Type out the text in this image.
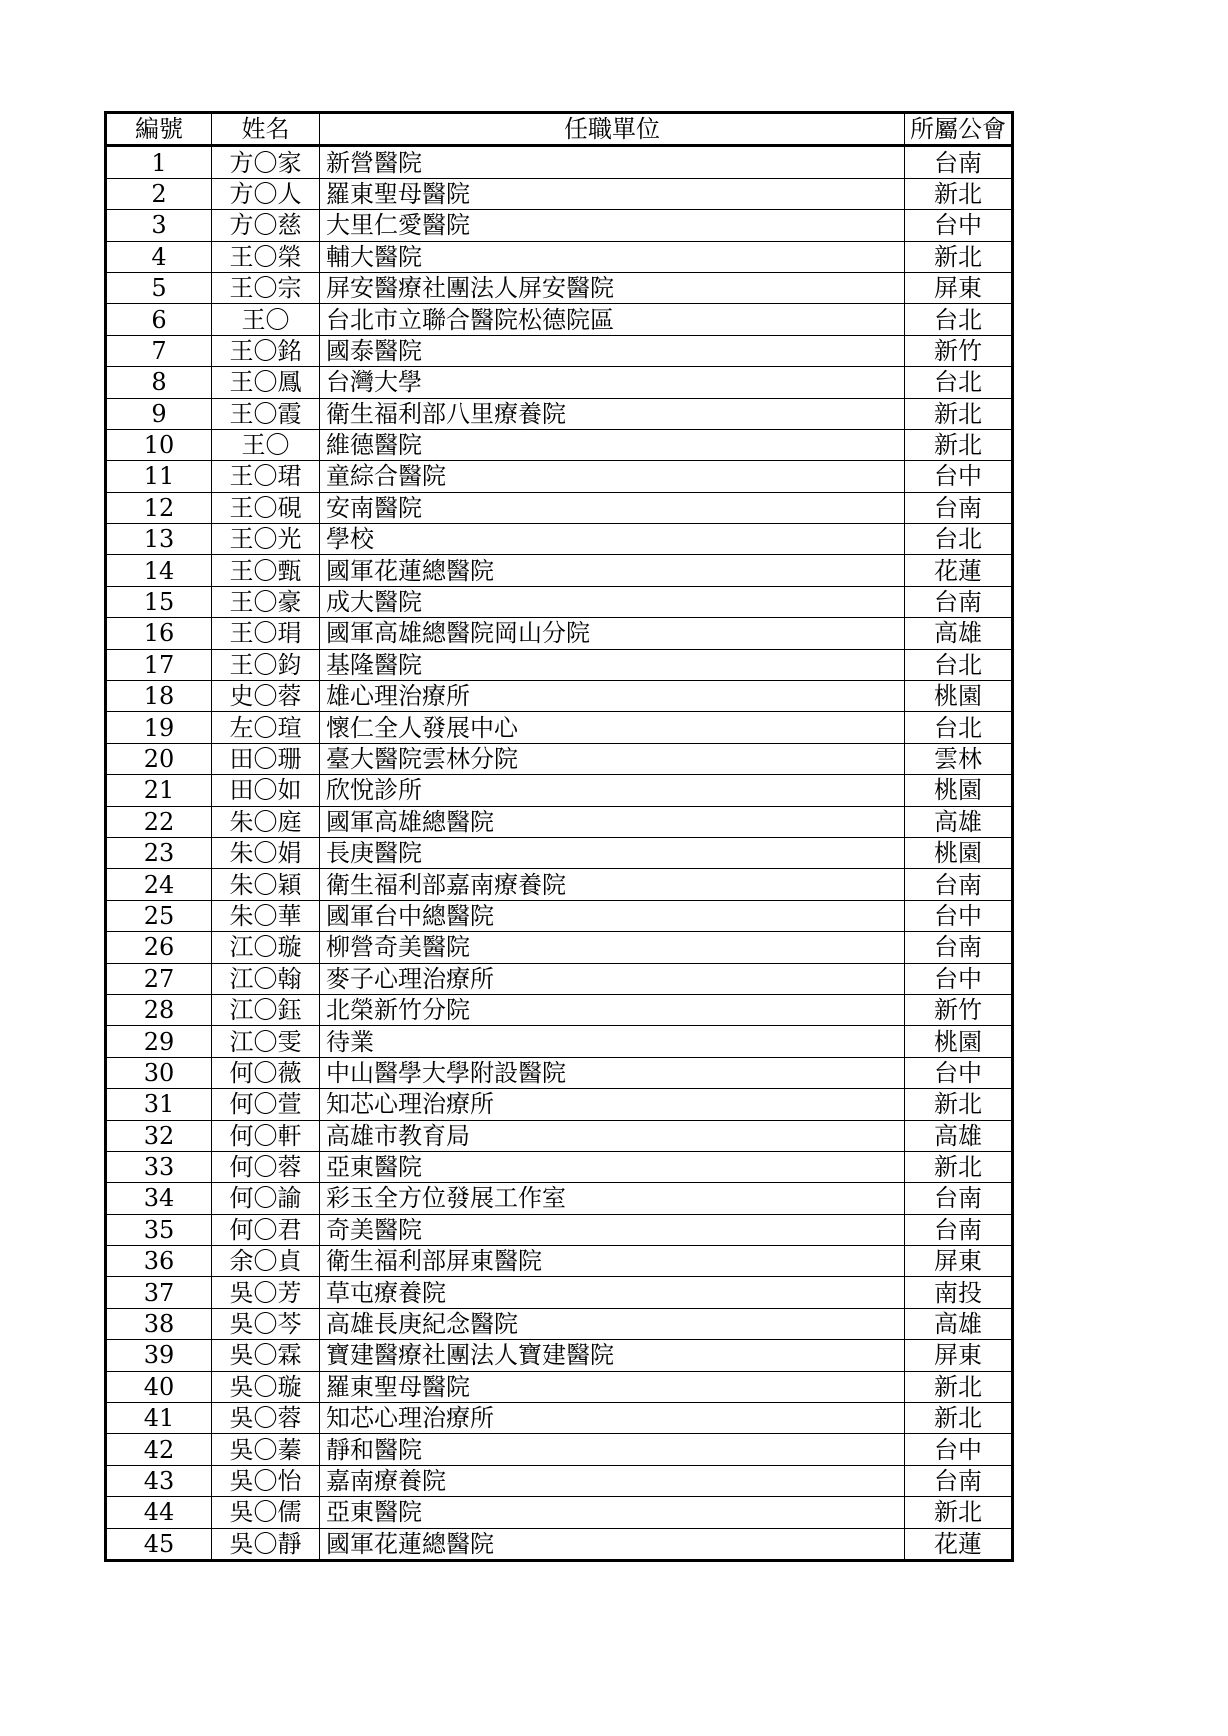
編號	姓名	任職單位	所屬公會
1	方〇家	新營醫院	台南
2	方〇人	羅東聖母醫院	新北
3	方〇慈	大里仁愛醫院	台中
4	王〇榮	輔大醫院	新北
5	王〇宗	屏安醫療社團法人屏安醫院	屏東
6	王〇	台北市立聯合醫院松德院區	台北
7	王〇銘	國泰醫院	新竹
8	王〇鳳	台灣大學	台北
9	王〇霞	衛生福利部八里療養院	新北
10	王〇	維德醫院	新北
11	王〇珺	童綜合醫院	台中
12	王〇硯	安南醫院	台南
13	王〇光	學校	台北
14	王〇甄	國軍花蓮總醫院	花蓮
15	王〇豪	成大醫院	台南
16	王〇琄	國軍高雄總醫院岡山分院	高雄
17	王〇鈞	基隆醫院	台北
18	史〇蓉	雄心理治療所	桃園
19	左〇瑄	懷仁全人發展中心	台北
20	田〇珊	臺大醫院雲林分院	雲林
21	田〇如	欣悅診所	桃園
22	朱〇庭	國軍高雄總醫院	高雄
23	朱〇娟	長庚醫院	桃園
24	朱〇穎	衛生福利部嘉南療養院	台南
25	朱〇華	國軍台中總醫院	台中
26	江〇璇	柳營奇美醫院	台南
27	江〇翰	麥子心理治療所	台中
28	江〇鈺	北榮新竹分院	新竹
29	江〇雯	待業	桃園
30	何〇薇	中山醫學大學附設醫院	台中
31	何〇萱	知芯心理治療所	新北
32	何〇軒	高雄市教育局	高雄
33	何〇蓉	亞東醫院	新北
34	何〇諭	彩玉全方位發展工作室	台南
35	何〇君	奇美醫院	台南
36	余〇貞	衛生福利部屏東醫院	屏東
37	吳〇芳	草屯療養院	南投
38	吳〇芩	高雄長庚紀念醫院	高雄
39	吳〇霖	寶建醫療社團法人寶建醫院	屏東
40	吳〇璇	羅東聖母醫院	新北
41	吳〇蓉	知芯心理治療所	新北
42	吳〇蓁	靜和醫院	台中
43	吳〇怡	嘉南療養院	台南
44	吳〇儒	亞東醫院	新北
45	吳〇靜	國軍花蓮總醫院	花蓮
